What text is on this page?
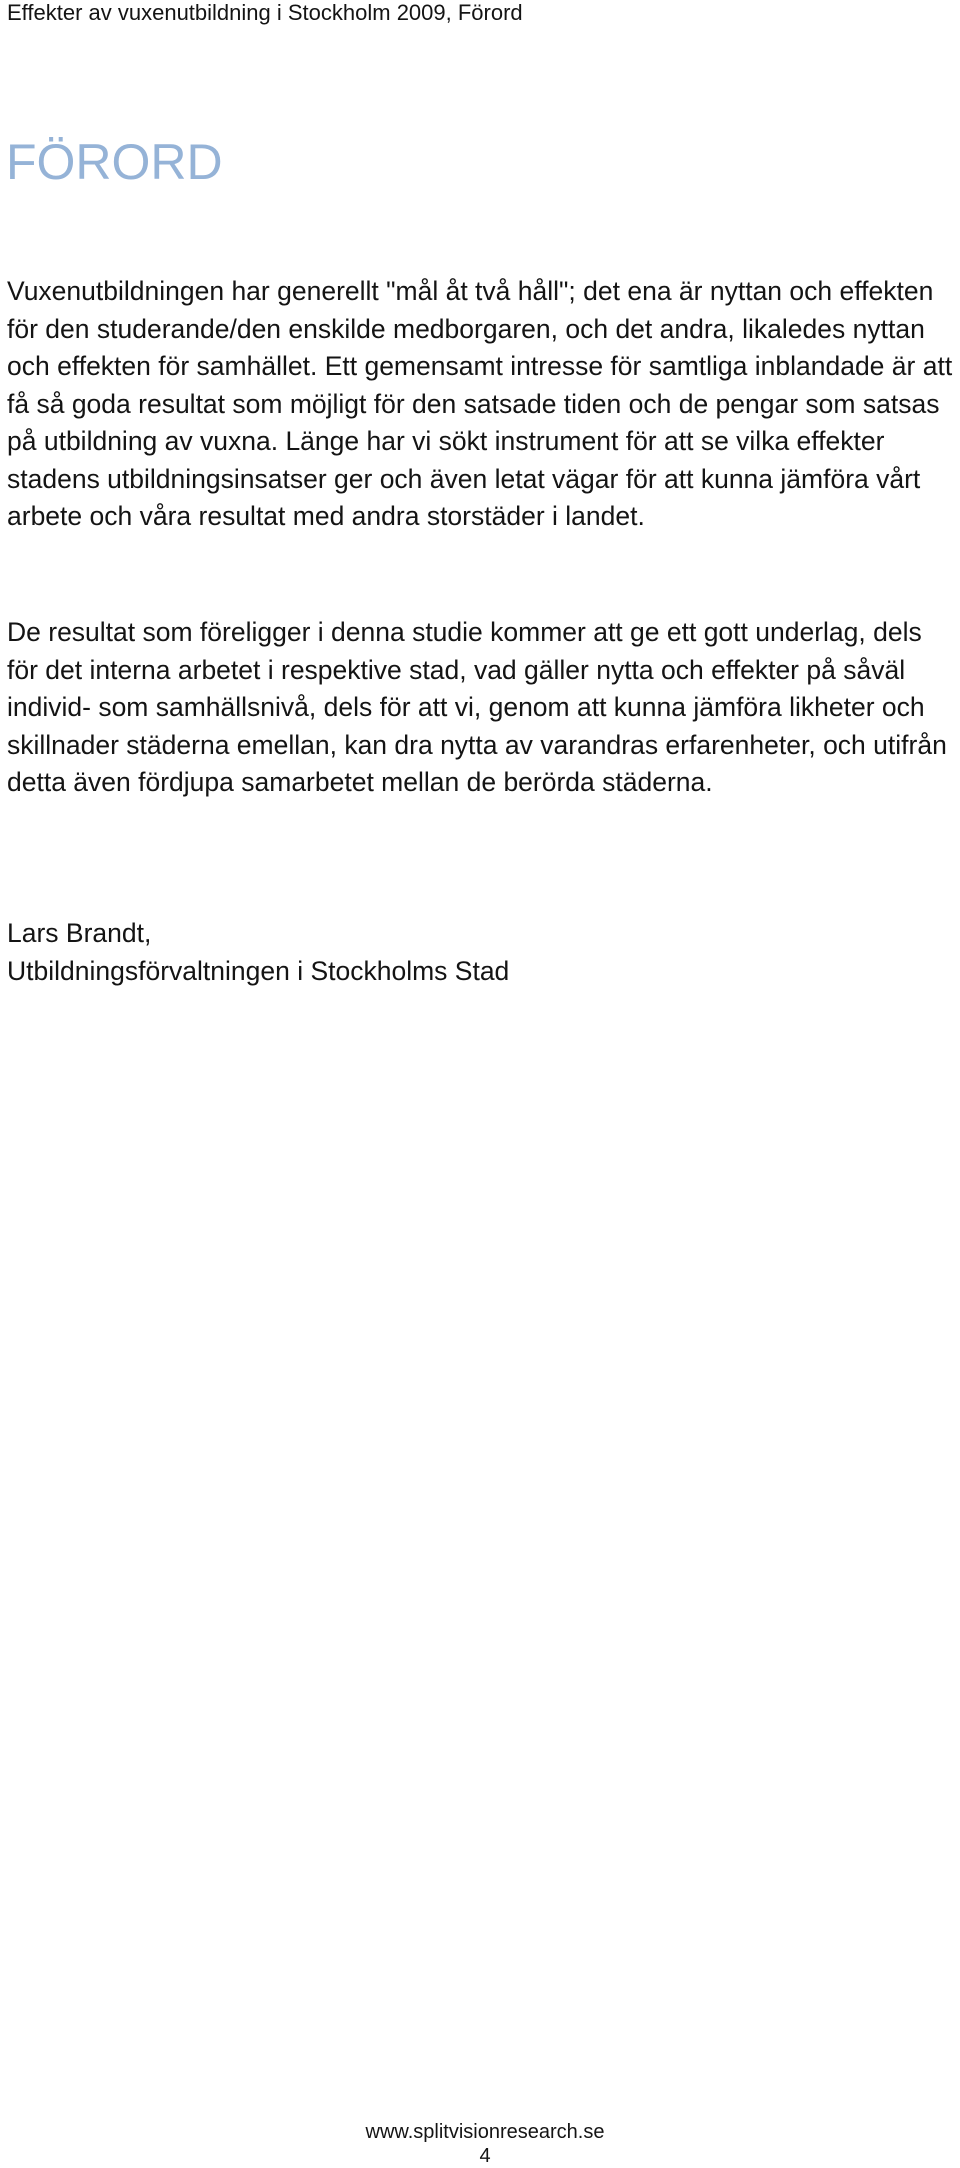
Effekter av vuxenutbildning i Stockholm 2009, Förord
FÖRORD

Vuxenutbildningen har generellt "mål åt två håll"; det ena är nyttan och effekten för den studerande/den enskilde medborgaren, och det andra, likaledes nyttan och effekten för samhället. Ett gemensamt intresse för samtliga inblandade är att få så goda resultat som möjligt för den satsade tiden och de pengar som satsas på utbildning av vuxna. Länge har vi sökt instrument för att se vilka effekter stadens utbildningsinsatser ger och även letat vägar för att kunna jämföra vårt arbete och våra resultat med andra storstäder i landet.

De resultat som föreligger i denna studie kommer att ge ett gott underlag, dels för det interna arbetet i respektive stad, vad gäller nytta och effekter på såväl individ- som samhällsnivå, dels för att vi, genom att kunna jämföra likheter och skillnader städerna emellan, kan dra nytta av varandras erfarenheter, och utifrån detta även fördjupa samarbetet mellan de berörda städerna.

Lars Brandt,
Utbildningsförvaltningen i Stockholms Stad
www.splitvisionresearch.se
4
